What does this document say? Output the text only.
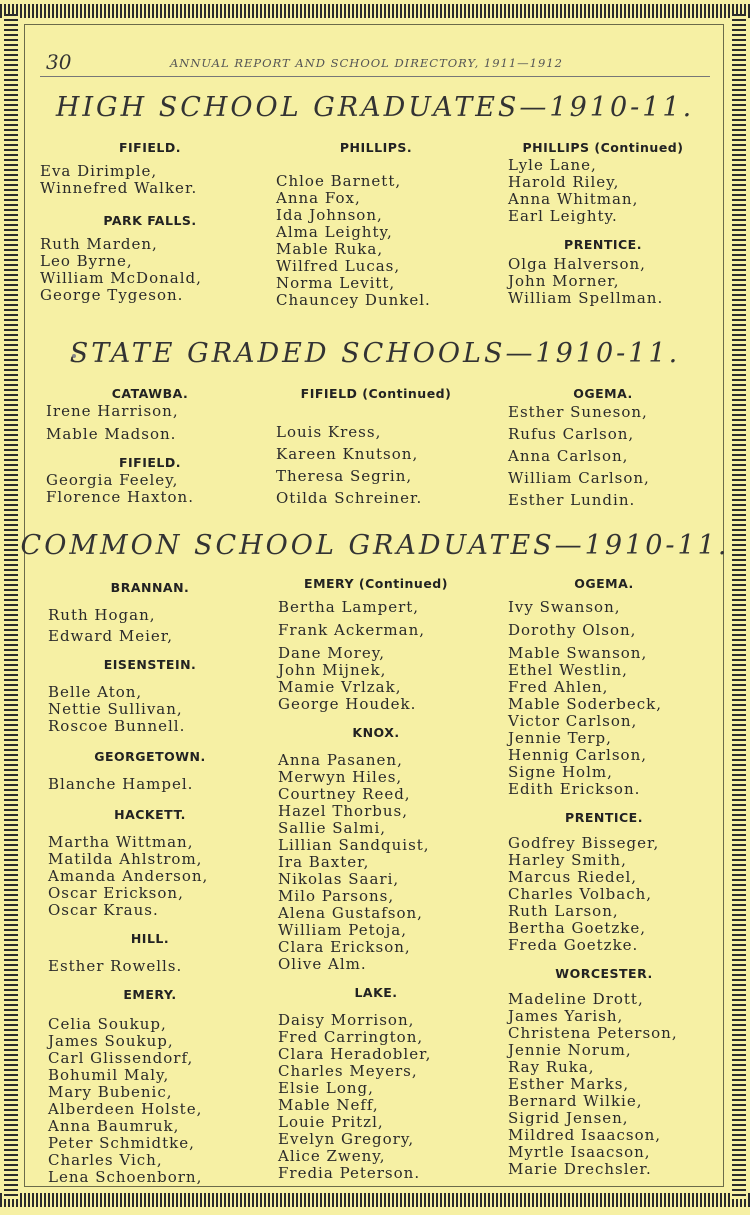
30	ANNUAL REPORT AND SCHOOL DIRECTORY, 1911—1912
HIGH SCHOOL GRADUATES—1910-11.

FIFIELD.

Eva Dirimple,
Winnefred Walker.

PARK FALLS.

Ruth Marden,
Leo Byrne,
William McDonald,
George Tygeson.

PHILLIPS.

Chloe Barnett,
Anna Fox,
Ida Johnson,
Alma Leighty,
Mable Ruka,
Wilfred Lucas,
Norma Levitt,
Chauncey Dunkel.

PHILLIPS (Continued)

Lyle Lane,
Harold Riley,
Anna Whitman,
Earl Leighty.

PRENTICE.

Olga Halverson,
John Morner,
William Spellman.
STATE GRADED SCHOOLS—1910-11.

CATAWBA.

Irene Harrison,
Mable Madson.

FIFIELD.

Georgia Feeley,
Florence Haxton.

FIFIELD (Continued)

Louis Kress,
Kareen Knutson,
Theresa Segrin,
Otilda Schreiner.

OGEMA.

Esther Suneson,
Rufus Carlson,
Anna Carlson,
William Carlson,
Esther Lundin.
COMMON SCHOOL GRADUATES—1910-11.

BRANNAN.

Ruth Hogan,
Edward Meier,

EISENSTEIN.

Belle Aton,
Nettie Sullivan,
Roscoe Bunnell.

GEORGETOWN.

Blanche Hampel.

HACKETT.

Martha Wittman,
Matilda Ahlstrom,
Amanda Anderson,
Oscar Erickson,
Oscar Kraus.

HILL.

Esther Rowells.

EMERY.

Celia Soukup,
James Soukup,
Carl Glissendorf,
Bohumil Maly,
Mary Bubenic,
Alberdeen Holste,
Anna Baumruk,
Peter Schmidtke,
Charles Vich,
Lena Schoenborn,

EMERY (Continued)

Bertha Lampert,
Frank Ackerman,
Dane Morey,
John Mijnek,
Mamie Vrlzak,
George Houdek.

KNOX.

Anna Pasanen,
Merwyn Hiles,
Courtney Reed,
Hazel Thorbus,
Sallie Salmi,
Lillian Sandquist,
Ira Baxter,
Nikolas Saari,
Milo Parsons,
Alena Gustafson,
William Petoja,
Clara Erickson,
Olive Alm.

LAKE.

Daisy Morrison,
Fred Carrington,
Clara Heradobler,
Charles Meyers,
Elsie Long,
Mable Neff,
Louie Pritzl,
Evelyn Gregory,
Alice Zweny,
Fredia Peterson.

OGEMA.

Ivy Swanson,
Dorothy Olson,
Mable Swanson,
Ethel Westlin,
Fred Ahlen,
Mable Soderbeck,
Victor Carlson,
Jennie Terp,
Hennig Carlson,
Signe Holm,
Edith Erickson.

PRENTICE.

Godfrey Bisseger,
Harley Smith,
Marcus Riedel,
Charles Volbach,
Ruth Larson,
Bertha Goetzke,
Freda Goetzke.

WORCESTER.

Madeline Drott,
James Yarish,
Christena Peterson,
Jennie Norum,
Ray Ruka,
Esther Marks,
Bernard Wilkie,
Sigrid Jensen,
Mildred Isaacson,
Myrtle Isaacson,
Marie Drechsler.
